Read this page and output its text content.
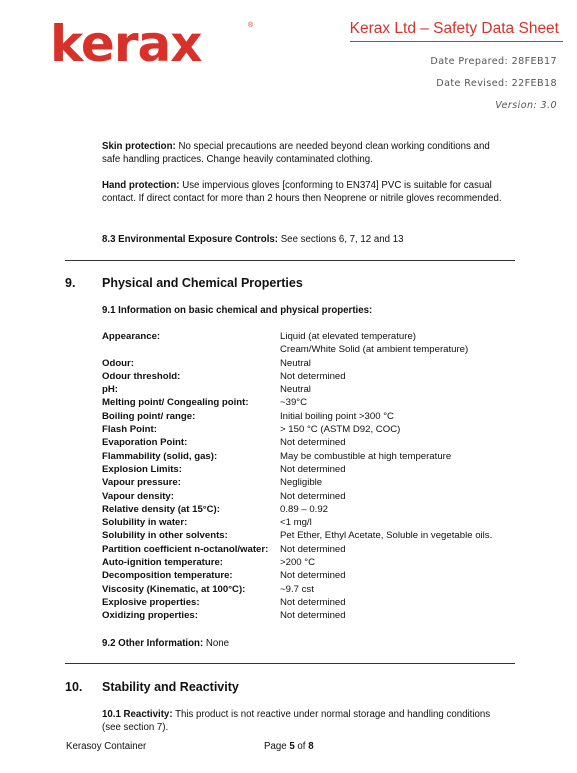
kerax	®	Kerax Ltd – Safety Data Sheet
Date Prepared: 28FEB17
Date Revised: 22FEB18
Version: 3.0
Skin protection: No special precautions are needed beyond clean working conditions and safe handling practices. Change heavily contaminated clothing.
Hand protection: Use impervious gloves [conforming to EN374] PVC is suitable for casual contact. If direct contact for more than 2 hours then Neoprene or nitrile gloves recommended.
8.3 Environmental Exposure Controls: See sections 6, 7, 12 and 13
9. Physical and Chemical Properties
9.1 Information on basic chemical and physical properties:
Appearance:	Liquid (at elevated temperature)
Cream/White Solid (at ambient temperature)
Odour:	Neutral
Odour threshold:	Not determined
pH:	Neutral
Melting point/ Congealing point:	~39°C
Boiling point/ range:	Initial boiling point >300 °C
Flash Point:	> 150 °C (ASTM D92, COC)
Evaporation Point:	Not determined
Flammability (solid, gas):	May be combustible at high temperature
Explosion Limits:	Not determined
Vapour pressure:	Negligible
Vapour density:	Not determined
Relative density (at 15°C):	0.89 – 0.92
Solubility in water:	<1 mg/l
Solubility in other solvents:	Pet Ether, Ethyl Acetate, Soluble in vegetable oils.
Partition coefficient n-octanol/water:	Not determined
Auto-ignition temperature:	>200 °C
Decomposition temperature:	Not determined
Viscosity (Kinematic, at 100°C):	~9.7 cst
Explosive properties:	Not determined
Oxidizing properties:	Not determined
9.2 Other Information: None
10. Stability and Reactivity
10.1 Reactivity: This product is not reactive under normal storage and handling conditions (see section 7).
Kerasoy Container	Page 5 of 8
